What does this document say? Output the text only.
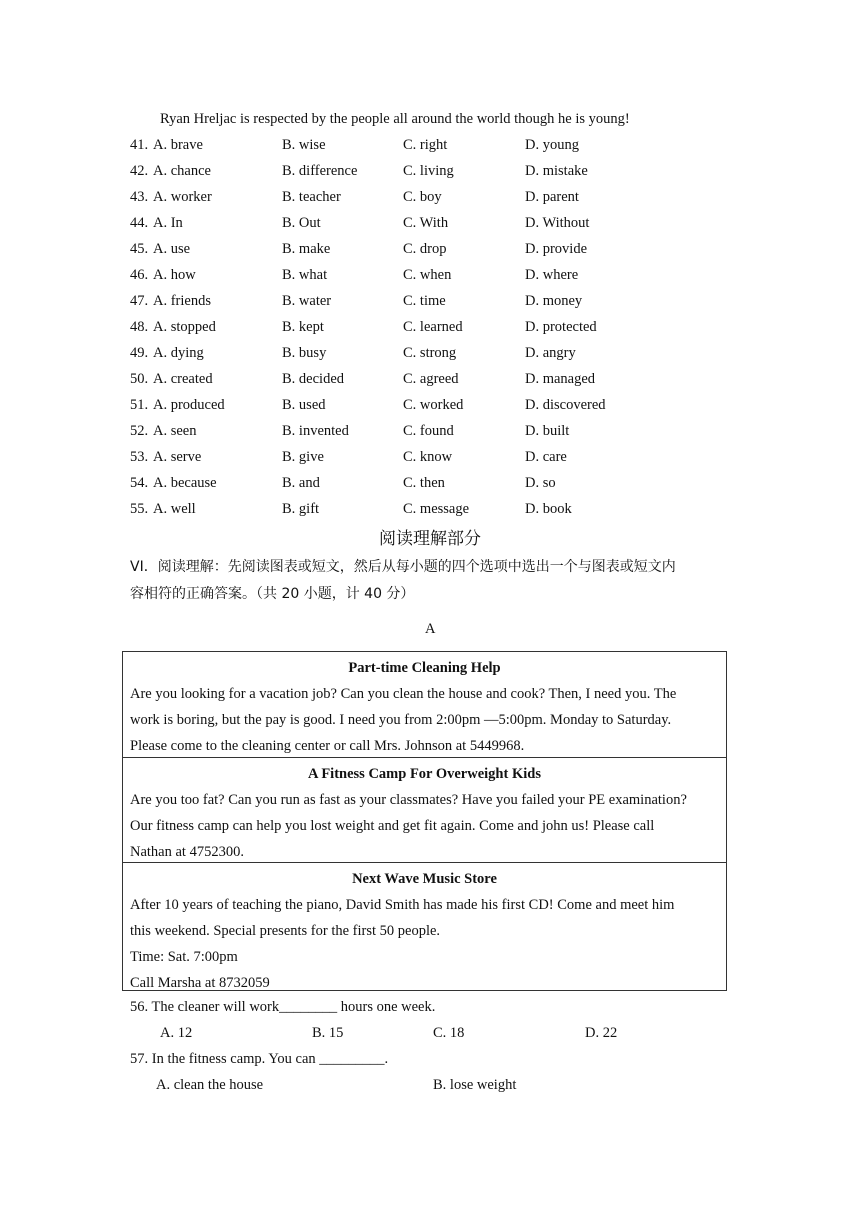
Ryan Hreljac is respected by the people all around the world though he is young!
41. A. brave	B. wise	C. right	D. young
42. A. chance	B. difference	C. living	D. mistake
43. A. worker	B. teacher	C. boy	D. parent
44. A. In	B. Out	C. With	D. Without
45. A. use	B. make	C. drop	D. provide
46. A. how	B. what	C. when	D. where
47. A. friends	B. water	C. time	D. money
48. A. stopped	B. kept	C. learned	D. protected
49. A. dying	B. busy	C. strong	D. angry
50. A. created	B. decided	C. agreed	D. managed
51. A. produced	B. used	C. worked	D. discovered
52. A. seen	B. invented	C. found	D. built
53. A. serve	B. give	C. know	D. care
54. A. because	B. and	C. then	D. so
55. A. well	B. gift	C. message	D. book
阅读理解部分
VI．阅读理解：先阅读图表或短文，然后从每小题的四个选项中选出一个与图表或短文内
容相符的正确答案。（共 20 小题，计 40 分）
A
Part-time Cleaning Help
Are you looking for a vacation job? Can you clean the house and cook? Then, I need you. The
work is boring, but the pay is good. I need you from 2:00pm —5:00pm. Monday to Saturday.
Please come to the cleaning center or call Mrs. Johnson at 5449968.
A Fitness Camp For Overweight Kids
Are you too fat? Can you run as fast as your classmates? Have you failed your PE examination?
Our fitness camp can help you lost weight and get fit again. Come and john us! Please call
Nathan at 4752300.
Next Wave Music Store
After 10 years of teaching the piano, David Smith has made his first CD! Come and meet him
this weekend. Special presents for the first 50 people.
Time: Sat. 7:00pm
Call Marsha at 8732059
56. The cleaner will work________ hours one week.
A. 12	B. 15	C. 18	D. 22
57. In the fitness camp. You can _________.
A. clean the house	B. lose weight
